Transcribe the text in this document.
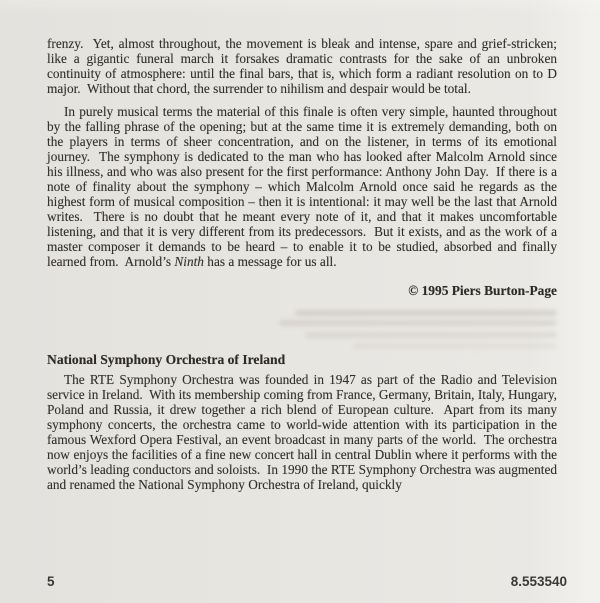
frenzy.  Yet, almost throughout, the movement is bleak and intense, spare and grief-stricken; like a gigantic funeral march it forsakes dramatic contrasts for the sake of an unbroken continuity of atmosphere: until the final bars, that is, which form a radiant resolution on to D major.  Without that chord, the surrender to nihilism and despair would be total.

In purely musical terms the material of this finale is often very simple, haunted throughout by the falling phrase of the opening; but at the same time it is extremely demanding, both on the players in terms of sheer concentration, and on the listener, in terms of its emotional journey.  The symphony is dedicated to the man who has looked after Malcolm Arnold since his illness, and who was also present for the first performance: Anthony John Day.  If there is a note of finality about the symphony – which Malcolm Arnold once said he regards as the highest form of musical composition – then it is intentional: it may well be the last that Arnold writes.  There is no doubt that he meant every note of it, and that it makes uncomfortable listening, and that it is very different from its predecessors.  But it exists, and as the work of a master composer it demands to be heard – to enable it to be studied, absorbed and finally learned from.  Arnold’s Ninth has a message for us all.

© 1995 Piers Burton-Page

National Symphony Orchestra of Ireland

The RTE Symphony Orchestra was founded in 1947 as part of the Radio and Television service in Ireland.  With its membership coming from France, Germany, Britain, Italy, Hungary, Poland and Russia, it drew together a rich blend of European culture.  Apart from its many symphony concerts, the orchestra came to world-wide attention with its participation in the famous Wexford Opera Festival, an event broadcast in many parts of the world.  The orchestra now enjoys the facilities of a fine new concert hall in central Dublin where it performs with the world’s leading conductors and soloists.  In 1990 the RTE Symphony Orchestra was augmented and renamed the National Symphony Orchestra of Ireland, quickly

5	8.553540
